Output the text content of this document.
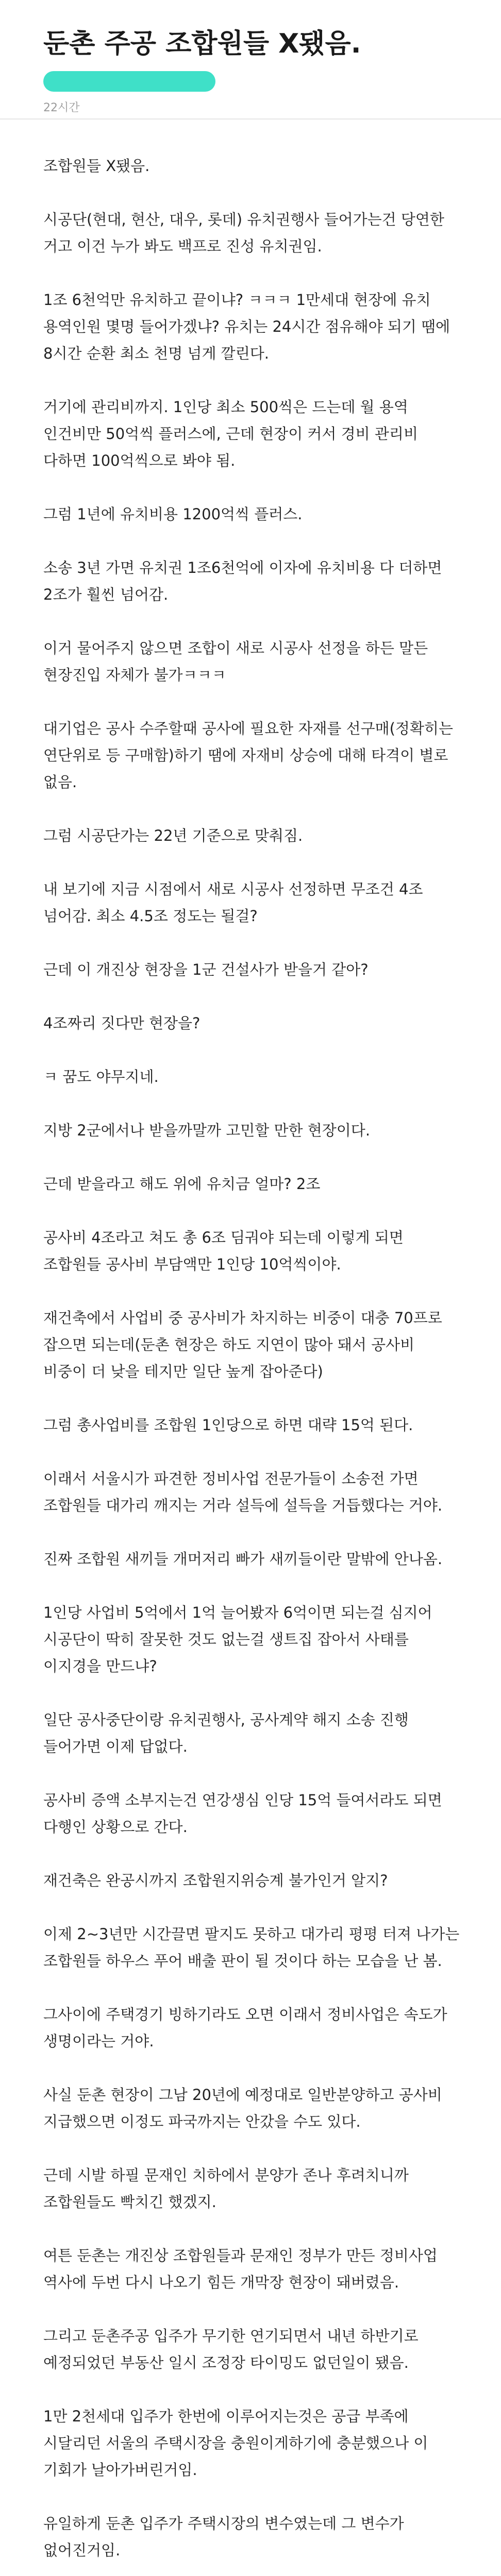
둔촌 주공 조합원들 X됐음.
22시간

조합원들 X됐음.

시공단(현대, 현산, 대우, 롯데) 유치권행사 들어가는건 당연한 거고 이건 누가 봐도 백프로 진성 유치권임.

1조 6천억만 유치하고 끝이냐? ㅋㅋㅋ 1만세대 현장에 유치 용역인원 몇명 들어가겠냐? 유치는 24시간 점유해야 되기 땜에 8시간 순환 최소 천명 넘게 깔린다.

거기에 관리비까지. 1인당 최소 500씩은 드는데 월 용역 인건비만 50억씩 플러스에, 근데 현장이 커서 경비 관리비 다하면 100억씩으로 봐야 됨.

그럼 1년에 유치비용 1200억씩 플러스.

소송 3년 가면 유치권 1조6천억에 이자에 유치비용 다 더하면 2조가 훨씬 넘어감.

이거 물어주지 않으면 조합이 새로 시공사 선정을 하든 말든 현장진입 자체가 불가ㅋㅋㅋ

대기업은 공사 수주할때 공사에 필요한 자재를 선구매(정확히는 연단위로 등 구매함)하기 땜에 자재비 상승에 대해 타격이 별로 없음.

그럼 시공단가는 22년 기준으로 맞춰짐.

내 보기에 지금 시점에서 새로 시공사 선정하면 무조건 4조 넘어감. 최소 4.5조 정도는 될걸?

근데 이 개진상 현장을 1군 건설사가 받을거 같아?

4조짜리 짓다만 현장을?

ㅋ 꿈도 야무지네.

지방 2군에서나 받을까말까 고민할 만한 현장이다.

근데 받을라고 해도 위에 유치금 얼마? 2조

공사비 4조라고 쳐도 총 6조 딤궈야 되는데 이렇게 되면 조합원들 공사비 부담액만 1인당 10억씩이야.

재건축에서 사업비 중 공사비가 차지하는 비중이 대충 70프로 잡으면 되는데(둔촌 현장은 하도 지연이 많아 돼서 공사비 비중이 더 낮을 테지만 일단 높게 잡아준다)

그럼 총사업비를 조합원 1인당으로 하면 대략 15억 된다.

이래서 서울시가 파견한 정비사업 전문가들이 소송전 가면 조합원들 대가리 깨지는 거라 설득에 설득을 거듭했다는 거야.

진짜 조합원 새끼들 개머저리 빠가 새끼들이란 말밖에 안나옴.

1인당 사업비 5억에서 1억 늘어봤자 6억이면 되는걸 심지어 시공단이 딱히 잘못한 것도 없는걸 생트집 잡아서 사태를 이지경을 만드냐?

일단 공사중단이랑 유치권행사, 공사계약 해지 소송 진행 들어가면 이제 답없다.

공사비 증액 소부지는건 연강생심 인당 15억 들여서라도 되면 다행인 상황으로 간다.

재건축은 완공시까지 조합원지위승계 불가인거 알지?

이제 2~3년만 시간끌면 팔지도 못하고 대가리 평평 터져 나가는 조합원들 하우스 푸어 배출 판이 될 것이다 하는 모습을 난 봄.

그사이에 주택경기 빙하기라도 오면 이래서 정비사업은 속도가 생명이라는 거야.

사실 둔촌 현장이 그남 20년에 예정대로 일반분양하고 공사비 지급했으면 이정도 파국까지는 안갔을 수도 있다.

근데 시발 하필 문재인 치하에서 분양가 존나 후려치니까 조합원들도 빡치긴 했겠지.

여튼 둔촌는 개진상 조합원들과 문재인 정부가 만든 정비사업 역사에 두번 다시 나오기 힘든 개막장 현장이 돼버렸음.

그리고 둔촌주공 입주가 무기한 연기되면서 내년 하반기로 예정되었던 부동산 일시 조정장 타이밍도 없던일이 됐음.

1만 2천세대 입주가 한번에 이루어지는것은 공급 부족에 시달리던 서울의 주택시장을 충원이게하기에 충분했으나 이 기회가 날아가버린거임.

유일하게 둔촌 입주가 주택시장의 변수였는데 그 변수가 없어진거임.
